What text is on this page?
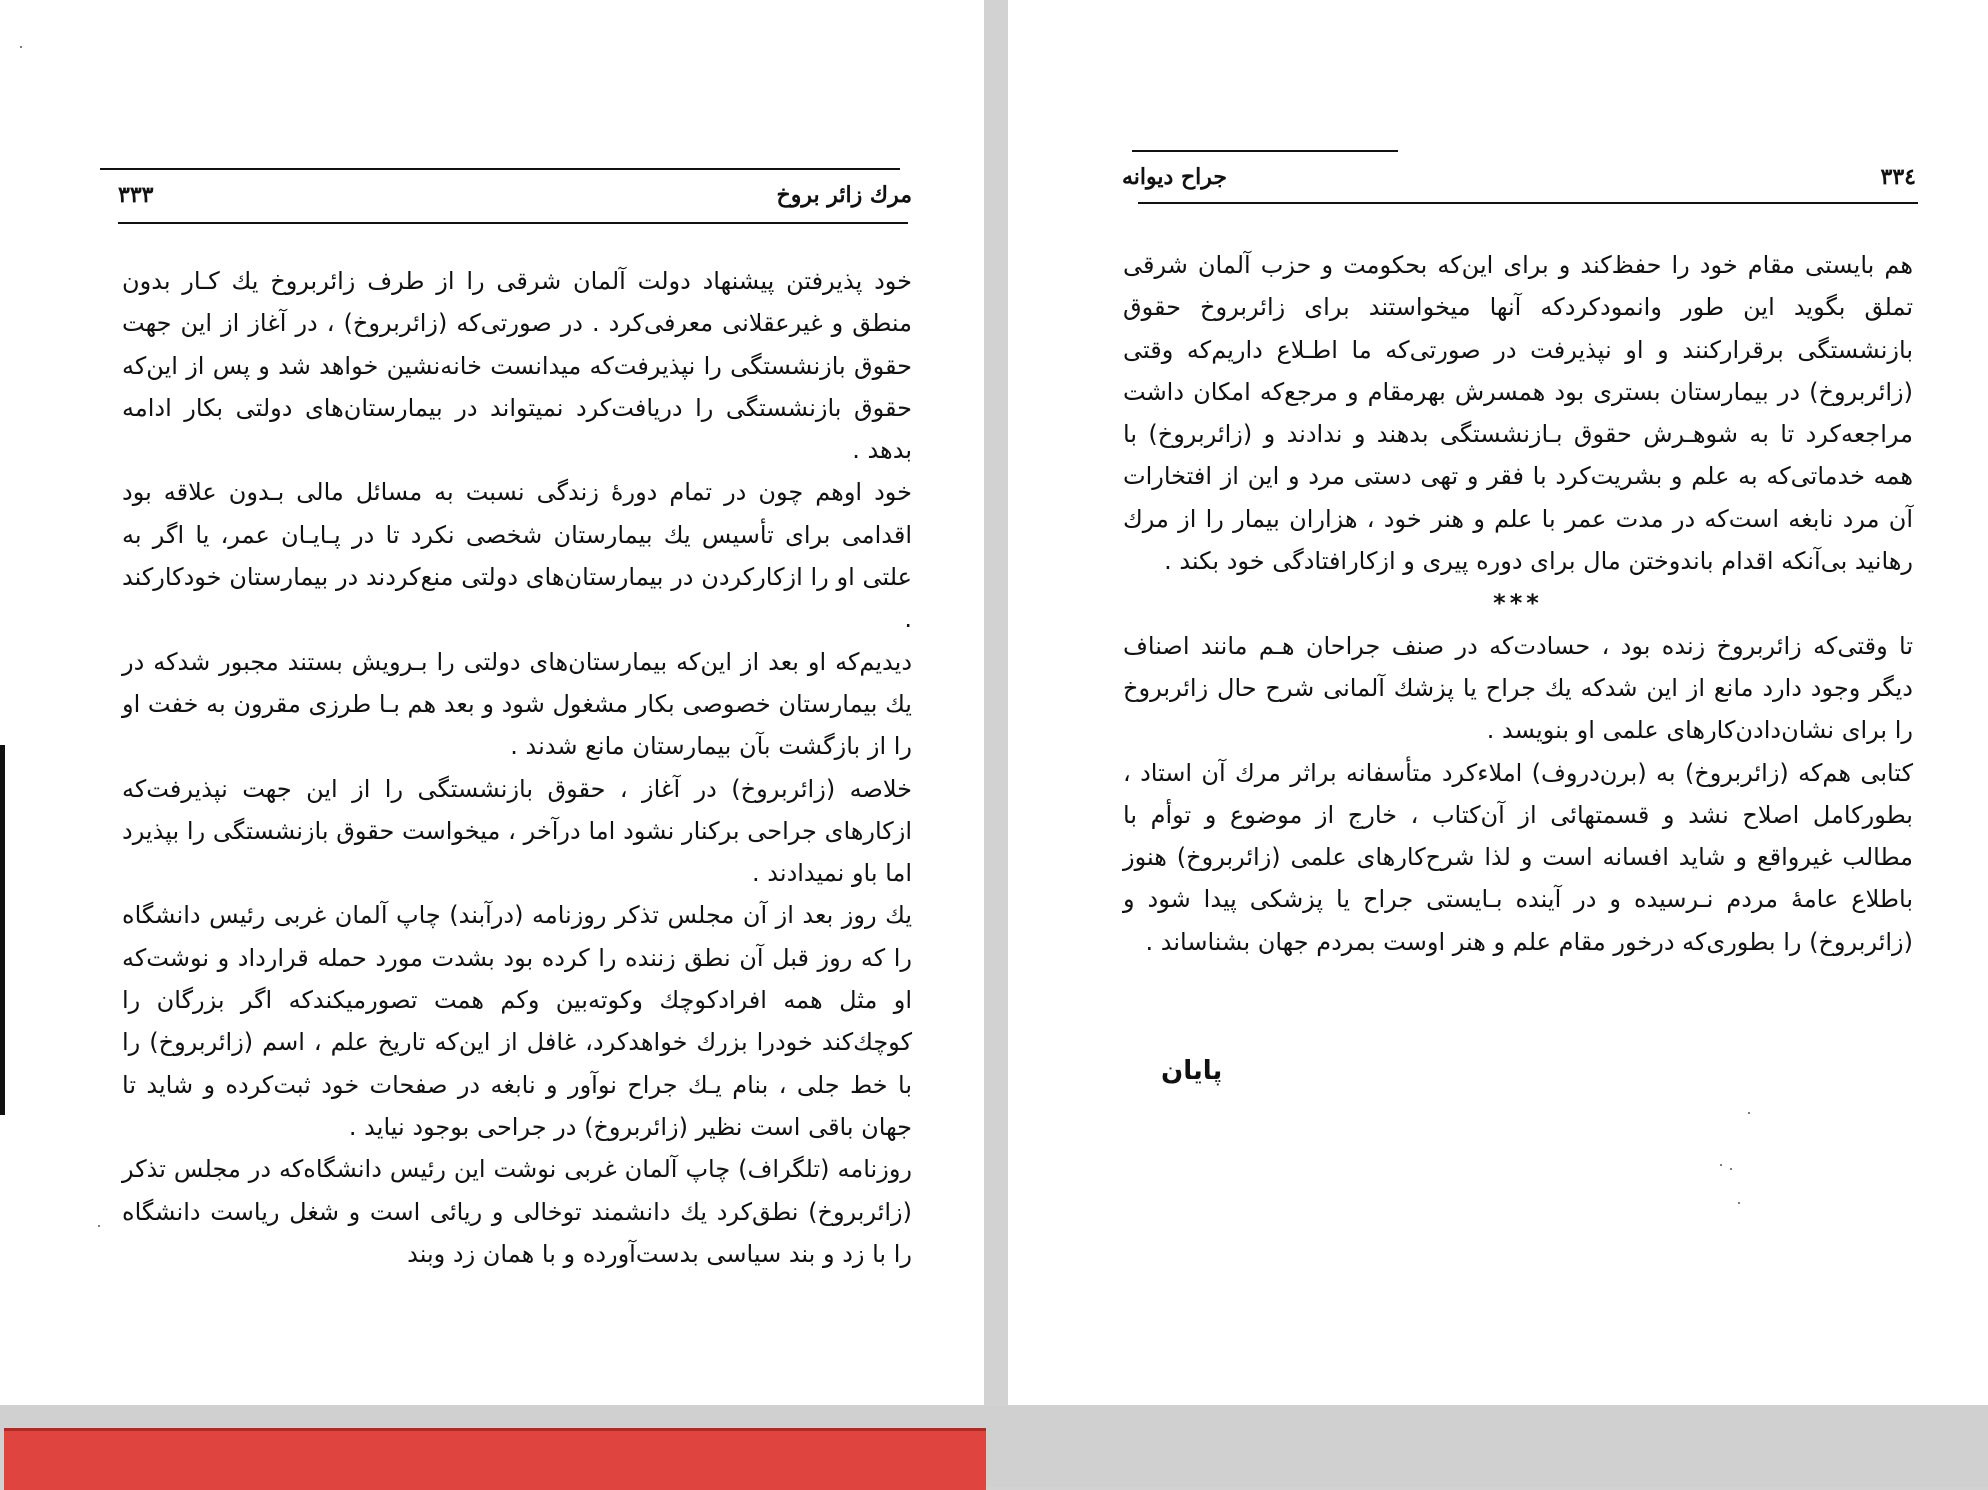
مرك زائر بروخ
۳۳۳

خود پذیرفتن پیشنهاد دولت آلمان شرقی را از طرف زائربروخ یك كـار بدون منطق و غیرعقلانی معرفی‌كرد . در صورتی‌كه (زائربروخ) ، در آغاز از این جهت حقوق بازنشستگی را نپذیرفت‌كه میدانست خانه‌نشین خواهد شد و پس از این‌كه حقوق بازنشستگی را دریافت‌كرد نمیتواند در بیمارستان‌های دولتی بكار ادامه بدهد .

خود اوهم چون در تمام دورهٔ زندگی نسبت به مسائل مالی بـدون علاقه بود اقدامی برای تأسیس یك بیمارستان شخصی نكرد تا در پـایـان عمر، یا اگر به علتی او را ازكاركردن در بیمارستان‌های دولتی منع‌كردند در بیمارستان خودكاركند .

دیدیم‌كه او بعد از این‌كه بیمارستان‌های دولتی را بـرویش بستند مجبور شدكه در یك بیمارستان خصوصی بكار مشغول شود و بعد هم بـا طرزی مقرون به خفت او را از بازگشت بآن بیمارستان مانع شدند .

خلاصه (زائربروخ) در آغاز ، حقوق بازنشستگی را از این جهت نپذیرفت‌كه ازكارهای جراحی بركنار نشود اما درآخر ، میخواست حقوق بازنشستگی را بپذیرد اما باو نمیدادند .

یك روز بعد از آن مجلس تذكر روزنامه (درآبند) چاپ آلمان غربی رئیس دانشگاه را كه روز قبل آن نطق زننده را كرده بود بشدت مورد حمله قرارداد و نوشت‌كه او مثل همه افرادكوچك وكوته‌بین وكم همت تصورمیكندكه اگر بزرگان را كوچك‌كند خودرا بزرك خواهدكرد، غافل از این‌كه تاریخ علم ، اسم (زائربروخ) را با خط جلی ، بنام یـك جراح نوآور و نابغه در صفحات خود ثبت‌كرده و شاید تا جهان باقی است نظیر (زائربروخ) در جراحی بوجود نیاید .

روزنامه (تلگراف) چاپ آلمان غربی نوشت این رئیس دانشگاه‌كه در مجلس تذكر (زائربروخ) نطق‌كرد یك دانشمند توخالی و ریائی است و شغل ریاست دانشگاه را با زد و بند سیاسی بدست‌آورده و با همان زد وبند

۳۳٤
جراح دیوانه

هم بایستی مقام خود را حفظ‌كند و برای این‌كه بحكومت و حزب آلمان شرقی تملق بگوید این طور وانمودكردكه آنها میخواستند برای زائربروخ حقوق بازنشستگی برقراركنند و او نپذیرفت در صورتی‌كه ما اطـلاع داریم‌كه وقتی (زائربروخ) در بیمارستان بستری بود همسرش بهرمقام و مرجع‌كه امكان داشت مراجعه‌كرد تا به شوهـرش حقوق بـازنشستگی بدهند و ندادند و (زائربروخ) با همه خدماتی‌كه به علم و بشریت‌كرد با فقر و تهی دستی مرد و این از افتخارات آن مرد نابغه است‌كه در مدت عمر با علم و هنر خود ، هزاران بیمار را از مرك رهانید بی‌آنكه اقدام باندوختن مال برای دوره پیری و ازكارافتادگی خود بكند .

***

تا وقتی‌كه زائربروخ زنده بود ، حسادت‌كه در صنف جراحان هـم مانند اصناف دیگر وجود دارد مانع از این شدكه یك جراح یا پزشك آلمانی شرح حال زائربروخ را برای نشان‌دادن‌كارهای علمی او بنویسد .

كتابی هم‌كه (زائربروخ) به (برن‌دروف) املاءكرد متأسفانه براثر مرك آن استاد ، بطوركامل اصلاح نشد و قسمتهائی از آن‌كتاب ، خارج از موضوع و توأم با مطالب غیرواقع و شاید افسانه است و لذا شرح‌كارهای علمی (زائربروخ) هنوز باطلاع عامهٔ مردم نـرسیده و در آینده بـایستی جراح یا پزشكی پیدا شود و (زائربروخ) را بطوری‌كه درخور مقام علم و هنر اوست بمردم جهان بشناساند .

پایان
